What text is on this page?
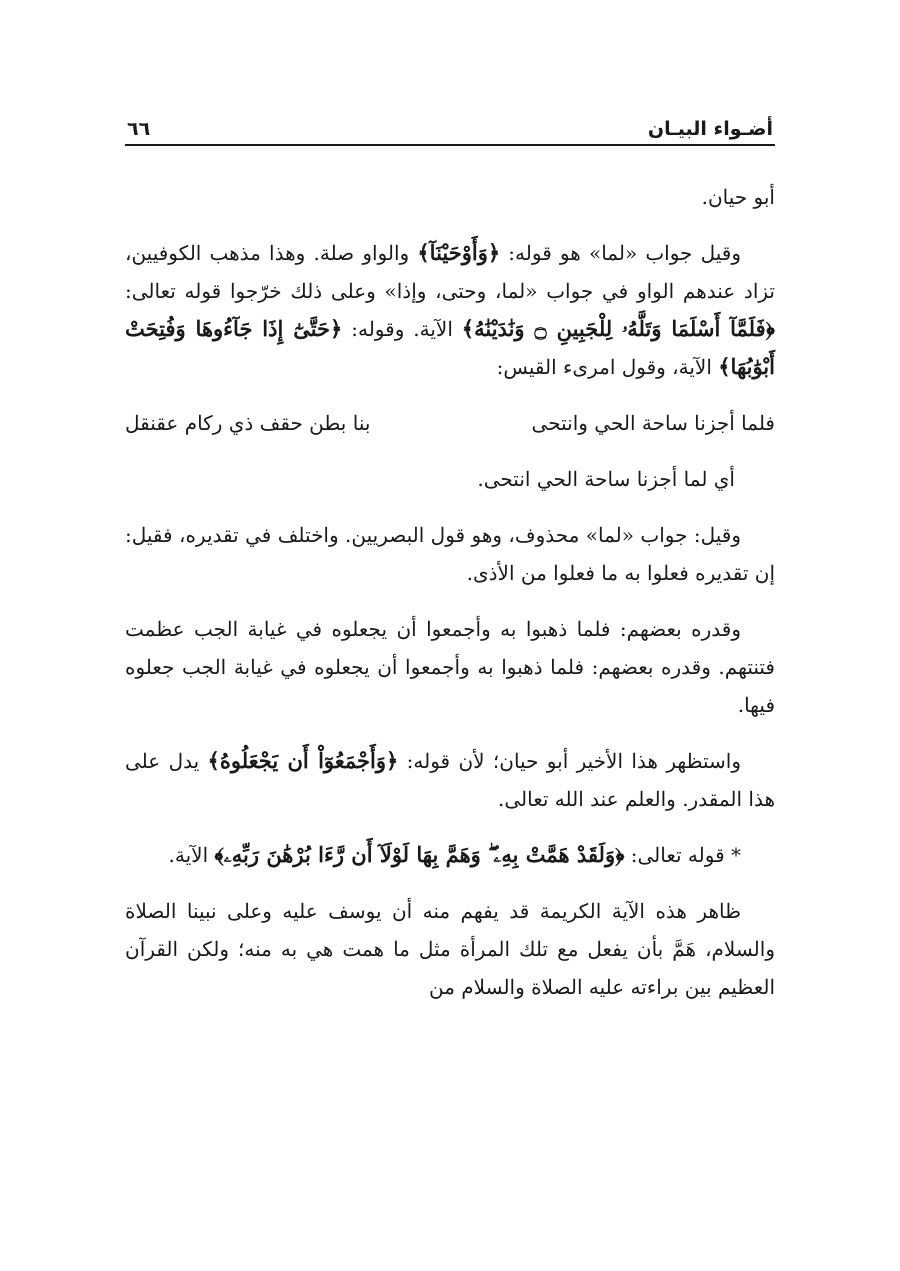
أضـواء البيـان
٦٦

أبو حيان.

وقيل جواب «لما» هو قوله: ﴿وَأَوْحَيْنَآ﴾ والواو صلة. وهذا مذهب الكوفيين، تزاد عندهم الواو في جواب «لما، وحتى، وإذا» وعلى ذلك خرّجوا قوله تعالى: ﴿فَلَمَّآ أَسْلَمَا وَتَلَّهُۥ لِلْجَبِينِ ۝ وَنَٰدَيْنَٰهُ﴾ الآية. وقوله: ﴿حَتَّىٰٓ إِذَا جَآءُوهَا وَفُتِحَتْ أَبْوَٰبُهَا﴾ الآية، وقول امرىء القيس:

فلما أجزنا ساحة الحي وانتحى
بنا بطن حقف ذي ركام عقنقل

أي لما أجزنا ساحة الحي انتحى.

وقيل: جواب «لما» محذوف، وهو قول البصريين. واختلف في تقديره، فقيل: إن تقديره فعلوا به ما فعلوا من الأذى.

وقدره بعضهم: فلما ذهبوا به وأجمعوا أن يجعلوه في غيابة الجب عظمت فتنتهم. وقدره بعضهم: فلما ذهبوا به وأجمعوا أن يجعلوه في غيابة الجب جعلوه فيها.

واستظهر هذا الأخير أبو حيان؛ لأن قوله: ﴿وَأَجْمَعُوٓاْ أَن يَجْعَلُوهُ﴾ يدل على هذا المقدر. والعلم عند الله تعالى.

* قوله تعالى: ﴿وَلَقَدْ هَمَّتْ بِهِۦ ۖ وَهَمَّ بِهَا لَوْلَآ أَن رَّءَا بُرْهَٰنَ رَبِّهِۦ﴾ الآية.

ظاهر هذه الآية الكريمة قد يفهم منه أن يوسف عليه وعلى نبينا الصلاة والسلام، هَمَّ بأن يفعل مع تلك المرأة مثل ما همت هي به منه؛ ولكن القرآن العظيم بين براءته عليه الصلاة والسلام من
